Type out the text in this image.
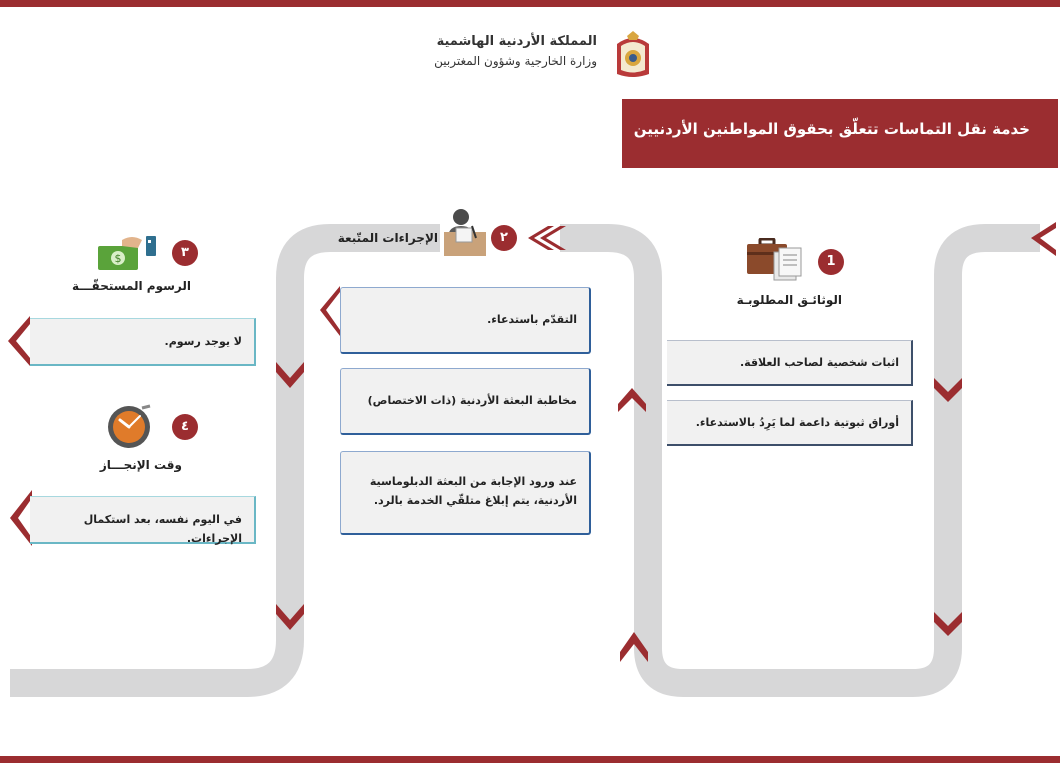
المملكة الأردنية الهاشمية
وزارة الخارجية وشؤون المغتربين
خدمة نقل التماسات تتعلّق بحقوق المواطنين الأردنيين
1
الوثائـق المطلوبـة
اثبات شخصية لصاحب العلاقة.
أوراق ثبوتية داعمة لما يَرِدُ بالاستدعاء.
٢
الإجراءات المتّبعة
التقدّم باستدعاء.
مخاطبة البعثة الأردنية (ذات الاختصاص)
عند ورود الإجابة من البعثة الدبلوماسية الأردنية، يتم إبلاغ متلقّي الخدمة بالرد.
$	٣
الرسوم المستحقّـــة
لا يوجد رسوم.
٤
وقت الإنجـــاز
في اليوم نفسه، بعد استكمال الإجراءات.
